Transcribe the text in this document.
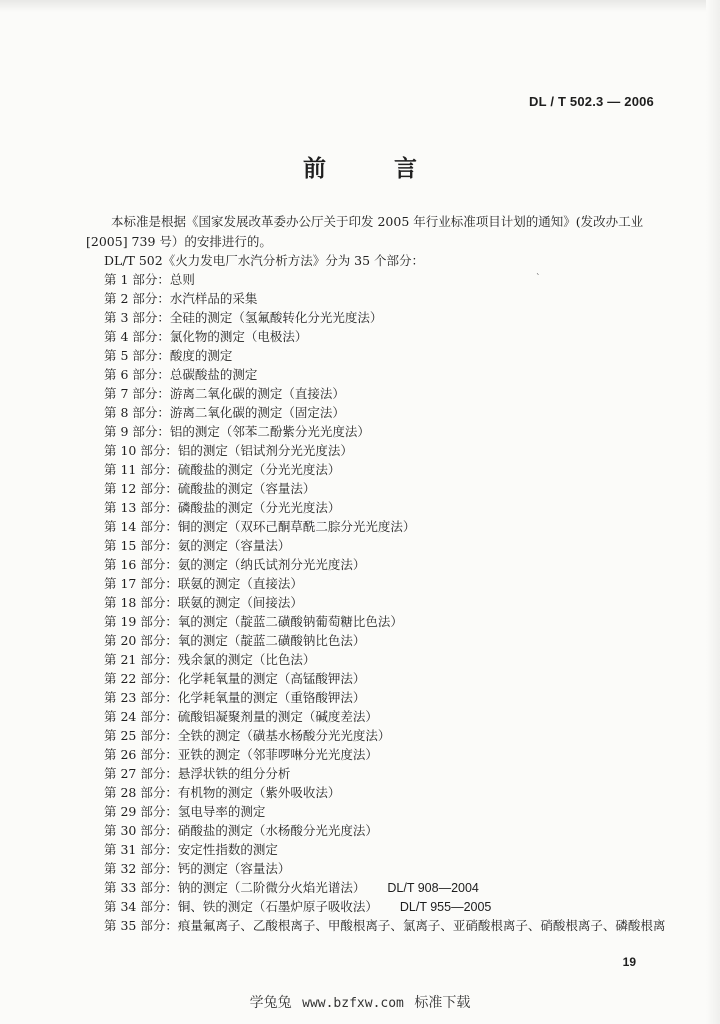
DL / T 502.3 — 2006
前 言
本标准是根据《国家发展改革委办公厅关于印发 2005 年行业标准项目计划的通知》(发改办工业
[2005] 739 号）的安排进行的。
DL/T 502《火力发电厂水汽分析方法》分为 35 个部分：
ˋ
第 1 部分：总则
第 2 部分：水汽样品的采集
第 3 部分：全硅的测定（氢氟酸转化分光光度法）
第 4 部分：氯化物的测定（电极法）
第 5 部分：酸度的测定
第 6 部分：总碳酸盐的测定
第 7 部分：游离二氧化碳的测定（直接法）
第 8 部分：游离二氧化碳的测定（固定法）
第 9 部分：铝的测定（邻苯二酚紫分光光度法）
第 10 部分：铝的测定（铝试剂分光光度法）
第 11 部分：硫酸盐的测定（分光光度法）
第 12 部分：硫酸盐的测定（容量法）
第 13 部分：磷酸盐的测定（分光光度法）
第 14 部分：铜的测定（双环己酮草酰二腙分光光度法）
第 15 部分：氨的测定（容量法）
第 16 部分：氨的测定（纳氏试剂分光光度法）
第 17 部分：联氨的测定（直接法）
第 18 部分：联氨的测定（间接法）
第 19 部分：氧的测定（靛蓝二磺酸钠葡萄糖比色法）
第 20 部分：氧的测定（靛蓝二磺酸钠比色法）
第 21 部分：残余氯的测定（比色法）
第 22 部分：化学耗氧量的测定（高锰酸钾法）
第 23 部分：化学耗氧量的测定（重铬酸钾法）
第 24 部分：硫酸铝凝聚剂量的测定（碱度差法）
第 25 部分：全铁的测定（磺基水杨酸分光光度法）
第 26 部分：亚铁的测定（邻菲啰啉分光光度法）
第 27 部分：悬浮状铁的组分分析
第 28 部分：有机物的测定（紫外吸收法）
第 29 部分：氢电导率的测定
第 30 部分：硝酸盐的测定（水杨酸分光光度法）
第 31 部分：安定性指数的测定
第 32 部分：钙的测定（容量法）
第 33 部分：钠的测定（二阶微分火焰光谱法） DL/T 908—2004
第 34 部分：铜、铁的测定（石墨炉原子吸收法） DL/T 955—2005
第 35 部分：痕量氟离子、乙酸根离子、甲酸根离子、氯离子、亚硝酸根离子、硝酸根离子、磷酸根离
19
学兔兔 www.bzfxw.com 标准下载
